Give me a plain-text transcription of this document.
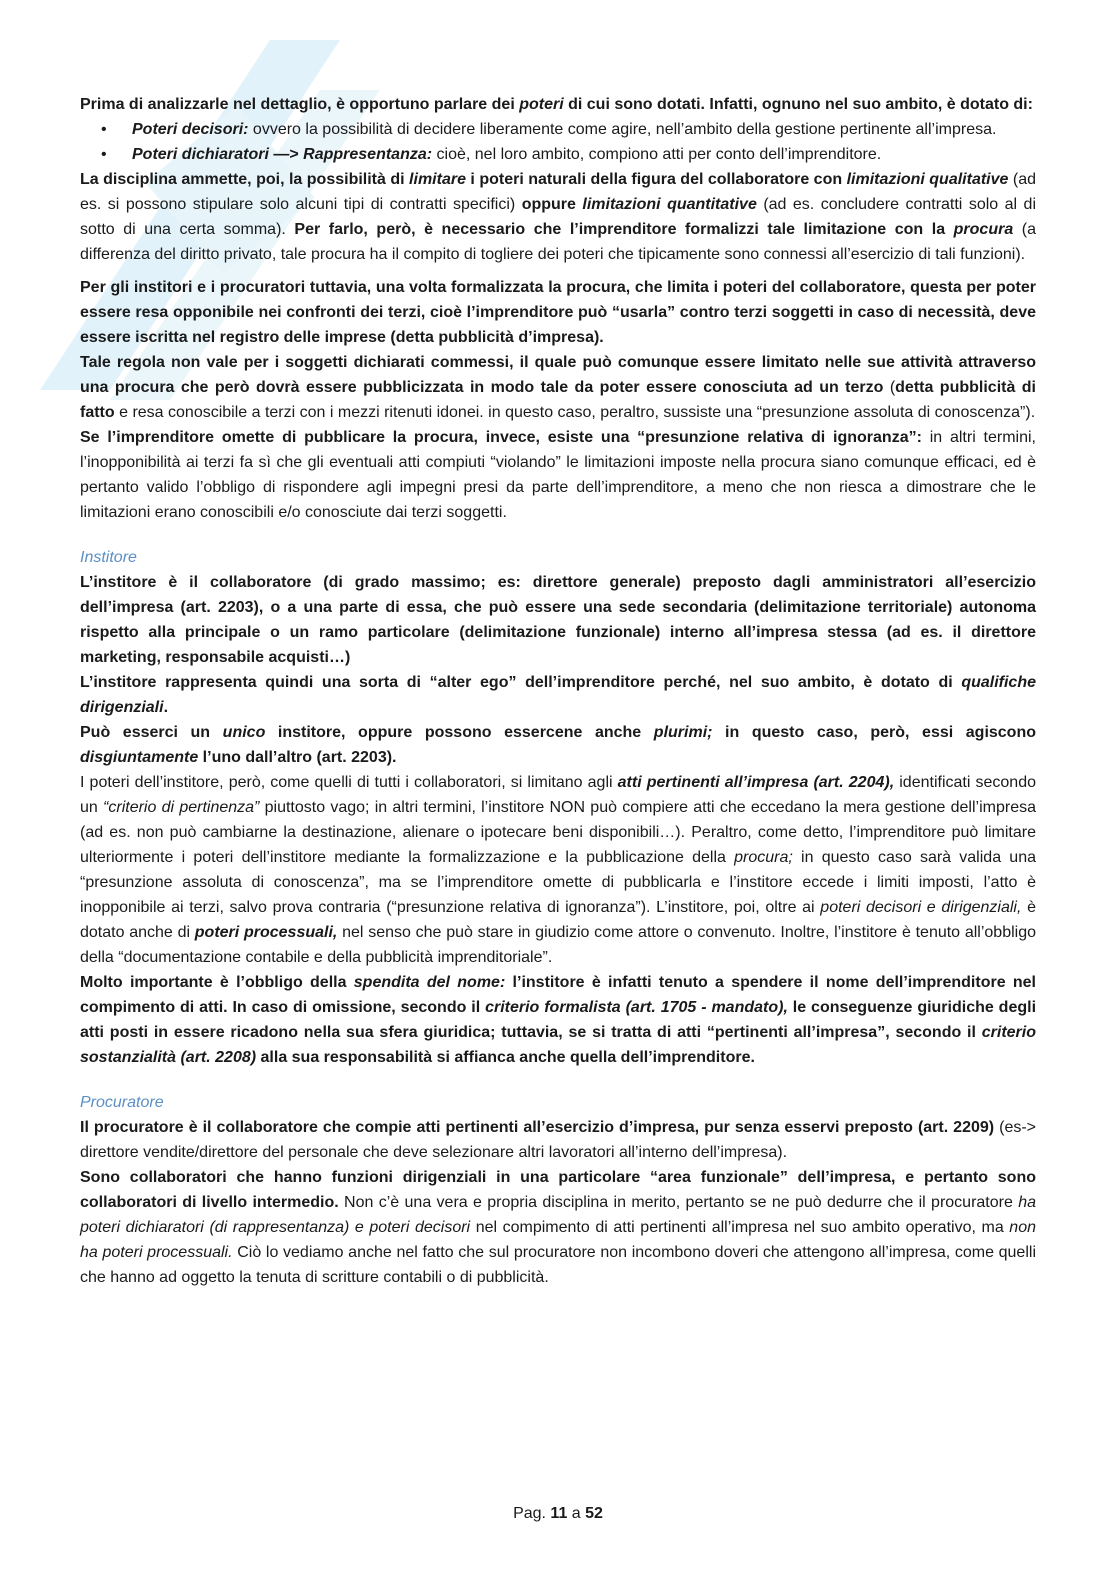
Prima di analizzarle nel dettaglio, è opportuno parlare dei poteri di cui sono dotati. Infatti, ognuno nel suo ambito, è dotato di:

• Poteri decisori: ovvero la possibilità di decidere liberamente come agire, nell’ambito della gestione pertinente all’impresa.
• Poteri dichiaratori —> Rappresentanza: cioè, nel loro ambito, compiono atti per conto dell’imprenditore.

La disciplina ammette, poi, la possibilità di limitare i poteri naturali della figura del collaboratore con limitazioni qualitative (ad es. si possono stipulare solo alcuni tipi di contratti specifici) oppure limitazioni quantitative (ad es. concludere contratti solo al di sotto di una certa somma). Per farlo, però, è necessario che l’imprenditore formalizzi tale limitazione con la procura (a differenza del diritto privato, tale procura ha il compito di togliere dei poteri che tipicamente sono connessi all’esercizio di tali funzioni).

Per gli institori e i procuratori tuttavia, una volta formalizzata la procura, che limita i poteri del collaboratore, questa per poter essere resa opponibile nei confronti dei terzi, cioè l’imprenditore può “usarla” contro terzi soggetti in caso di necessità, deve essere iscritta nel registro delle imprese (detta pubblicità d’impresa).

Tale regola non vale per i soggetti dichiarati commessi, il quale può comunque essere limitato nelle sue attività attraverso una procura che però dovrà essere pubblicizzata in modo tale da poter essere conosciuta ad un terzo (detta pubblicità di fatto e resa conoscibile a terzi con i mezzi ritenuti idonei. in questo caso, peraltro, sussiste una “presunzione assoluta di conoscenza”).

Se l’imprenditore omette di pubblicare la procura, invece, esiste una “presunzione relativa di ignoranza”: in altri termini, l’inopponibilità ai terzi fa sì che gli eventuali atti compiuti “violando” le limitazioni imposte nella procura siano comunque efficaci, ed è pertanto valido l’obbligo di rispondere agli impegni presi da parte dell’imprenditore, a meno che non riesca a dimostrare che le limitazioni erano conoscibili e/o conosciute dai terzi soggetti.

Institore

L’institore è il collaboratore (di grado massimo; es: direttore generale) preposto dagli amministratori all’esercizio dell’impresa (art. 2203), o a una parte di essa, che può essere una sede secondaria (delimitazione territoriale) autonoma rispetto alla principale o un ramo particolare (delimitazione funzionale) interno all’impresa stessa (ad es. il direttore marketing, responsabile acquisti…)

L’institore rappresenta quindi una sorta di “alter ego” dell’imprenditore perché, nel suo ambito, è dotato di qualifiche dirigenziali.

Può esserci un unico institore, oppure possono essercene anche plurimi; in questo caso, però, essi agiscono disgiuntamente l’uno dall’altro (art. 2203).

I poteri dell’institore, però, come quelli di tutti i collaboratori, si limitano agli atti pertinenti all’impresa (art. 2204), identificati secondo un “criterio di pertinenza” piuttosto vago; in altri termini, l’institore NON può compiere atti che eccedano la mera gestione dell’impresa (ad es. non può cambiarne la destinazione, alienare o ipotecare beni disponibili…). Peraltro, come detto, l’imprenditore può limitare ulteriormente i poteri dell’institore mediante la formalizzazione e la pubblicazione della procura; in questo caso sarà valida una “presunzione assoluta di conoscenza”, ma se l’imprenditore omette di pubblicarla e l’institore eccede i limiti imposti, l’atto è inopponibile ai terzi, salvo prova contraria (“presunzione relativa di ignoranza”). L’institore, poi, oltre ai poteri decisori e dirigenziali, è dotato anche di poteri processuali, nel senso che può stare in giudizio come attore o convenuto. Inoltre, l’institore è tenuto all’obbligo della “documentazione contabile e della pubblicità imprenditoriale”.

Molto importante è l’obbligo della spendita del nome: l’institore è infatti tenuto a spendere il nome dell’imprenditore nel compimento di atti. In caso di omissione, secondo il criterio formalista (art. 1705 - mandato), le conseguenze giuridiche degli atti posti in essere ricadono nella sua sfera giuridica; tuttavia, se si tratta di atti “pertinenti all’impresa”, secondo il criterio sostanzialità (art. 2208) alla sua responsabilità si affianca anche quella dell’imprenditore.

Procuratore

Il procuratore è il collaboratore che compie atti pertinenti all’esercizio d’impresa, pur senza esservi preposto (art. 2209) (es-> direttore vendite/direttore del personale che deve selezionare altri lavoratori all’interno dell’impresa).

Sono collaboratori che hanno funzioni dirigenziali in una particolare “area funzionale” dell’impresa, e pertanto sono collaboratori di livello intermedio. Non c’è una vera e propria disciplina in merito, pertanto se ne può dedurre che il procuratore ha poteri dichiaratori (di rappresentanza) e poteri decisori nel compimento di atti pertinenti all’impresa nel suo ambito operativo, ma non ha poteri processuali. Ciò lo vediamo anche nel fatto che sul procuratore non incombono doveri che attengono all’impresa, come quelli che hanno ad oggetto la tenuta di scritture contabili o di pubblicità.

Pag. 11 a 52
